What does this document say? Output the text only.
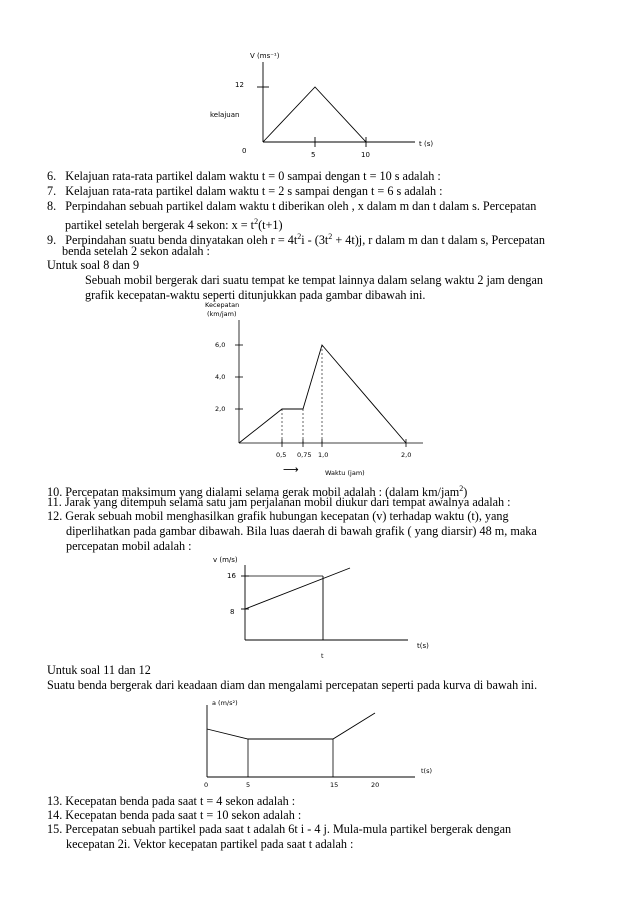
V (ms⁻¹)
12
kelajuan
0	5	10
t (s)
6. Kelajuan rata-rata partikel dalam waktu t = 0 sampai dengan t = 10 s adalah :
7. Kelajuan rata-rata partikel dalam waktu t = 2 s sampai dengan t = 6 s adalah :
8. Perpindahan sebuah partikel dalam waktu t diberikan oleh , x dalam m dan t dalam s. Percepatan
partikel setelah bergerak 4 sekon: $x = t^2(t+1)$
9. Perpindahan suatu benda dinyatakan oleh $r = 4t^2i - (3t^2 + 4t)j$, r dalam m dan t dalam s, Percepatan
benda setelah 2 sekon adalah :
Untuk soal 8 dan 9
Sebuah mobil bergerak dari suatu tempat ke tempat lainnya dalam selang waktu 2 jam dengan
grafik kecepatan-waktu seperti ditunjukkan pada gambar dibawah ini.
Kecepatan
(km/jam)
6,0
4,0
2,0
0,5 0,75 1,0	2,0
⟶	Waktu (jam)
10. Percepatan maksimum yang dialami selama gerak mobil adalah : (dalam km/jam$^2$)
11. Jarak yang ditempuh selama satu jam perjalanan mobil diukur dari tempat awalnya adalah :
12. Gerak sebuah mobil menghasilkan grafik hubungan kecepatan (v) terhadap waktu (t), yang
diperlihatkan pada gambar dibawah. Bila luas daerah di bawah grafik ( yang diarsir) 48 m, maka
percepatan mobil adalah :
v (m/s)
16
8
t
t(s)
Untuk soal 11 dan 12
Suatu benda bergerak dari keadaan diam dan mengalami percepatan seperti pada kurva di bawah ini.
a (m/s²)
0	5	15	20
t(s)
13. Kecepatan benda pada saat t = 4 sekon adalah :
14. Kecepatan benda pada saat t = 10 sekon adalah :
15. Percepatan sebuah partikel pada saat t adalah 6t i - 4 j. Mula-mula partikel bergerak dengan
kecepatan 2i. Vektor kecepatan partikel pada saat t adalah :
